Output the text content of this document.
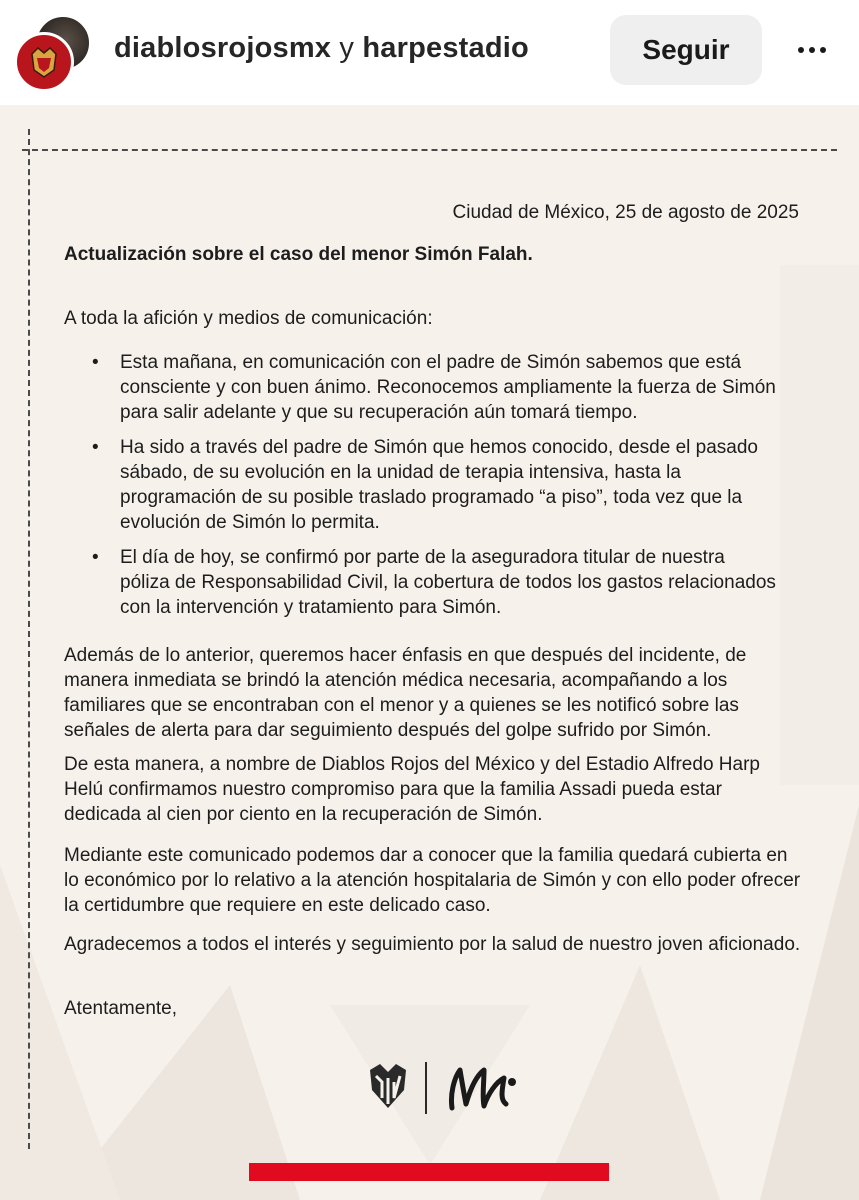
diablosrojosmx y harpestadio	Seguir
Ciudad de México, 25 de agosto de 2025
Actualización sobre el caso del menor Simón Falah.
A toda la afición y medios de comunicación:
• Esta mañana, en comunicación con el padre de Simón sabemos que está consciente y con buen ánimo. Reconocemos ampliamente la fuerza de Simón para salir adelante y que su recuperación aún tomará tiempo.
• Ha sido a través del padre de Simón que hemos conocido, desde el pasado sábado, de su evolución en la unidad de terapia intensiva, hasta la programación de su posible traslado programado “a piso”, toda vez que la evolución de Simón lo permita.
• El día de hoy, se confirmó por parte de la aseguradora titular de nuestra póliza de Responsabilidad Civil, la cobertura de todos los gastos relacionados con la intervención y tratamiento para Simón.

Además de lo anterior, queremos hacer énfasis en que después del incidente, de manera inmediata se brindó la atención médica necesaria, acompañando a los familiares que se encontraban con el menor y a quienes se les notificó sobre las señales de alerta para dar seguimiento después del golpe sufrido por Simón.

De esta manera, a nombre de Diablos Rojos del México y del Estadio Alfredo Harp Helú confirmamos nuestro compromiso para que la familia Assadi pueda estar dedicada al cien por ciento en la recuperación de Simón.

Mediante este comunicado podemos dar a conocer que la familia quedará cubierta en lo económico por lo relativo a la atención hospitalaria de Simón y con ello poder ofrecer la certidumbre que requiere en este delicado caso.

Agradecemos a todos el interés y seguimiento por la salud de nuestro joven aficionado.

Atentamente,
